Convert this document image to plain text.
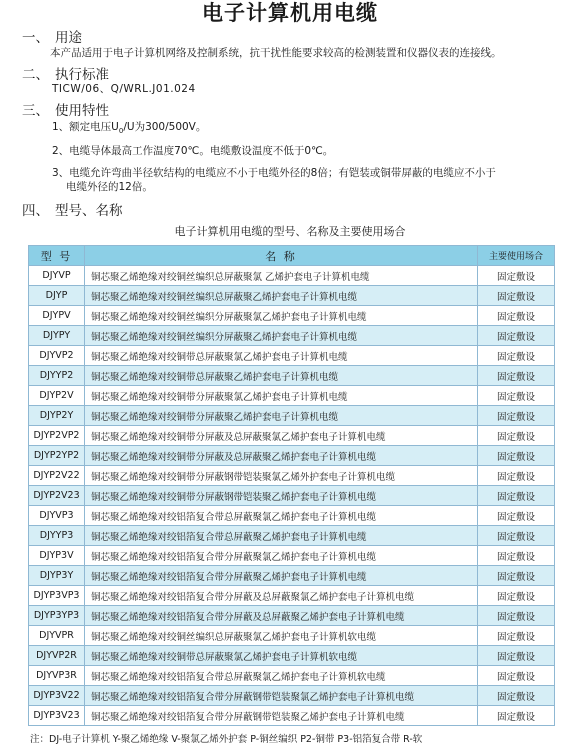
电子计算机用电缆
一、 用途
本产品适用于电子计算机网络及控制系统，抗干扰性能要求较高的检测装置和仪器仪表的连接线。
二、 执行标准
TICW/06、Q/WRL.J01.024
三、 使用特性
1、额定电压$U_0/U$为300/500V。
2、电缆导体最高工作温度70℃。电缆敷设温度不低于0℃。
3、电缆允许弯曲半径软结构的电缆应不小于电缆外径的8倍；有铠装或铜带屏蔽的电缆应不小于
电缆外径的12倍。
四、 型号、名称
电子计算机用电缆的型号、名称及主要使用场合
型 号	名 称	主要使用场合
DJYVP	铜芯聚乙烯绝缘对绞铜丝编织总屏蔽聚氯 乙烯护套电子计算机电缆	固定敷设
DJYP	铜芯聚乙烯绝缘对绞铜丝编织总屏蔽聚乙烯护套电子计算机电缆	固定敷设
DJYPV	铜芯聚乙烯绝缘对绞铜丝编织分屏蔽聚氯乙烯护套电子计算机电缆	固定敷设
DJYPY	铜芯聚乙烯绝缘对绞铜丝编织分屏蔽聚乙烯护套电子计算机电缆	固定敷设
DJYVP2	铜芯聚乙烯绝缘对绞铜带总屏蔽聚氯乙烯护套电子计算机电缆	固定敷设
DJYYP2	铜芯聚乙烯绝缘对绞铜带总屏蔽聚乙烯护套电子计算机电缆	固定敷设
DJYP2V	铜芯聚乙烯绝缘对绞铜带分屏蔽聚氯乙烯护套电子计算机电缆	固定敷设
DJYP2Y	铜芯聚乙烯绝缘对绞铜带分屏蔽聚乙烯护套电子计算机电缆	固定敷设
DJYP2VP2	铜芯聚乙烯绝缘对绞铜带分屏蔽及总屏蔽聚氯乙烯护套电子计算机电缆	固定敷设
DJYP2YP2	铜芯聚乙烯绝缘对绞铜带分屏蔽及总屏蔽聚乙烯护套电子计算机电缆	固定敷设
DJYP2V22	铜芯聚乙烯绝缘对绞铜带分屏蔽钢带铠装聚氯乙烯外护套电子计算机电缆	固定敷设
DJYP2V23	铜芯聚乙烯绝缘对绞铜带分屏蔽钢带铠装聚乙烯护套电子计算机电缆	固定敷设
DJYVP3	铜芯聚乙烯绝缘对绞铝箔复合带总屏蔽聚氯乙烯护套电子计算机电缆	固定敷设
DJYYP3	铜芯聚乙烯绝缘对绞铝箔复合带总屏蔽聚乙烯护套电子计算机电缆	固定敷设
DJYP3V	铜芯聚乙烯绝缘对绞铝箔复合带分屏蔽聚氯乙烯护套电子计算机电缆	固定敷设
DJYP3Y	铜芯聚乙烯绝缘对绞铝箔复合带分屏蔽聚乙烯护套电子计算机电缆	固定敷设
DJYP3VP3	铜芯聚乙烯绝缘对绞铝箔复合带分屏蔽及总屏蔽聚氯乙烯护套电子计算机电缆	固定敷设
DJYP3YP3	铜芯聚乙烯绝缘对绞铝箔复合带分屏蔽及总屏蔽聚乙烯护套电子计算机电缆	固定敷设
DJYVPR	铜芯聚乙烯绝缘对绞铜丝编织总屏蔽聚氯乙烯护套电子计算机软电缆	固定敷设
DJYVP2R	铜芯聚乙烯绝缘对绞铜带总屏蔽聚氯乙烯护套电子计算机软电缆	固定敷设
DJYVP3R	铜芯聚乙烯绝缘对绞铝箔复合带总屏蔽聚氯乙烯护套电子计算机软电缆	固定敷设
DJYP3V22	铜芯聚乙烯绝缘对绞铝箔复合带分屏蔽钢带铠装聚氯乙烯护套电子计算机电缆	固定敷设
DJYP3V23	铜芯聚乙烯绝缘对绞铝箔复合带分屏蔽钢带铠装聚乙烯护套电子计算机电缆	固定敷设
注：DJ-电子计算机 Y-聚乙烯绝缘 V-聚氯乙烯外护套 P-铜丝编织 P2-铜带 P3-铝箔复合带 R-软
